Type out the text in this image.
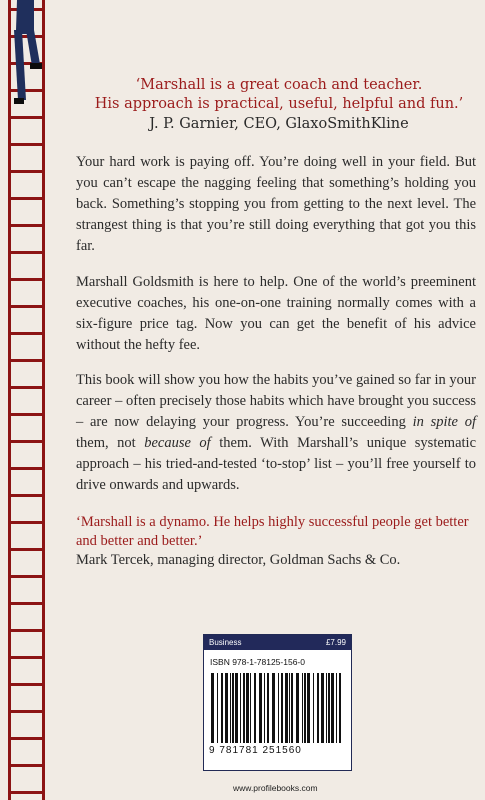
‘Marshall is a great coach and teacher.
His approach is practical, useful, helpful and fun.’
J. P. Garnier, CEO, GlaxoSmithKline
Your hard work is paying off. You’re doing well in your field. But you can’t escape the nagging feeling that something’s holding you back. Something’s stopping you from getting to the next level. The strangest thing is that you’re still doing everything that got you this far.
Marshall Goldsmith is here to help. One of the world’s preeminent executive coaches, his one-on-one training normally comes with a six-figure price tag. Now you can get the benefit of his advice without the hefty fee.
This book will show you how the habits you’ve gained so far in your career – often precisely those habits which have brought you success – are now delaying your progress. You’re succeeding in spite of them, not because of them. With Marshall’s unique systematic approach – his tried-and-tested ‘to-stop’ list – you’ll free yourself to drive onwards and upwards.
‘Marshall is a dynamo. He helps highly successful people get better and better and better.’
Mark Tercek, managing director, Goldman Sachs & Co.
Business	£7.99
ISBN 978-1-78125-156-0
9 781781 251560
www.profilebooks.com
